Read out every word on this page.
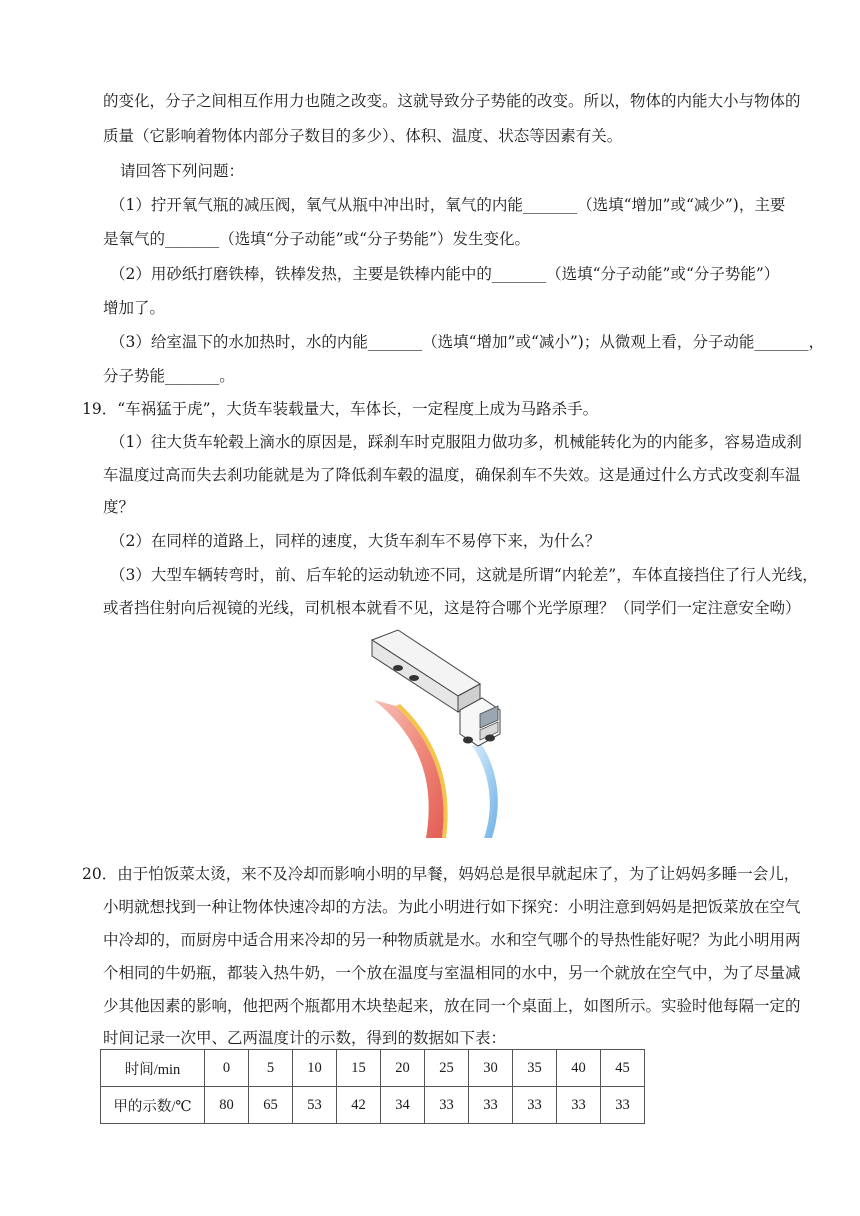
的变化，分子之间相互作用力也随之改变。这就导致分子势能的改变。所以，物体的内能大小与物体的
质量（它影响着物体内部分子数目的多少）、体积、温度、状态等因素有关。
请回答下列问题：
（1）拧开氧气瓶的减压阀，氧气从瓶中冲出时，氧气的内能_______（选填“增加”或“减少”)，主要
是氧气的_______（选填“分子动能”或“分子势能”）发生变化。
（2）用砂纸打磨铁棒，铁棒发热，主要是铁棒内能中的_______（选填“分子动能”或“分子势能”）
增加了。
（3）给室温下的水加热时，水的内能_______（选填“增加”或“减小”)；从微观上看，分子动能_______，
分子势能_______。
19．“车祸猛于虎”，大货车装载量大，车体长，一定程度上成为马路杀手。
（1）往大货车轮毂上滴水的原因是，踩刹车时克服阻力做功多，机械能转化为的内能多，容易造成刹
车温度过高而失去刹功能就是为了降低刹车毂的温度，确保刹车不失效。这是通过什么方式改变刹车温
度？
（2）在同样的道路上，同样的速度，大货车刹车不易停下来，为什么？
（3）大型车辆转弯时，前、后车轮的运动轨迹不同，这就是所谓“内轮差”，车体直接挡住了行人光线，
或者挡住射向后视镜的光线，司机根本就看不见，这是符合哪个光学原理？（同学们一定注意安全呦）
20．由于怕饭菜太烫，来不及冷却而影响小明的早餐，妈妈总是很早就起床了，为了让妈妈多睡一会儿，
小明就想找到一种让物体快速冷却的方法。为此小明进行如下探究：小明注意到妈妈是把饭菜放在空气
中冷却的，而厨房中适合用来冷却的另一种物质就是水。水和空气哪个的导热性能好呢？为此小明用两
个相同的牛奶瓶，都装入热牛奶，一个放在温度与室温相同的水中，另一个就放在空气中，为了尽量减
少其他因素的影响，他把两个瓶都用木块垫起来，放在同一个桌面上，如图所示。实验时他每隔一定的
时间记录一次甲、乙两温度计的示数，得到的数据如下表：
时间/min	0	5	10	15	20	25	30	35	40	45
甲的示数/℃	80	65	53	42	34	33	33	33	33	33
